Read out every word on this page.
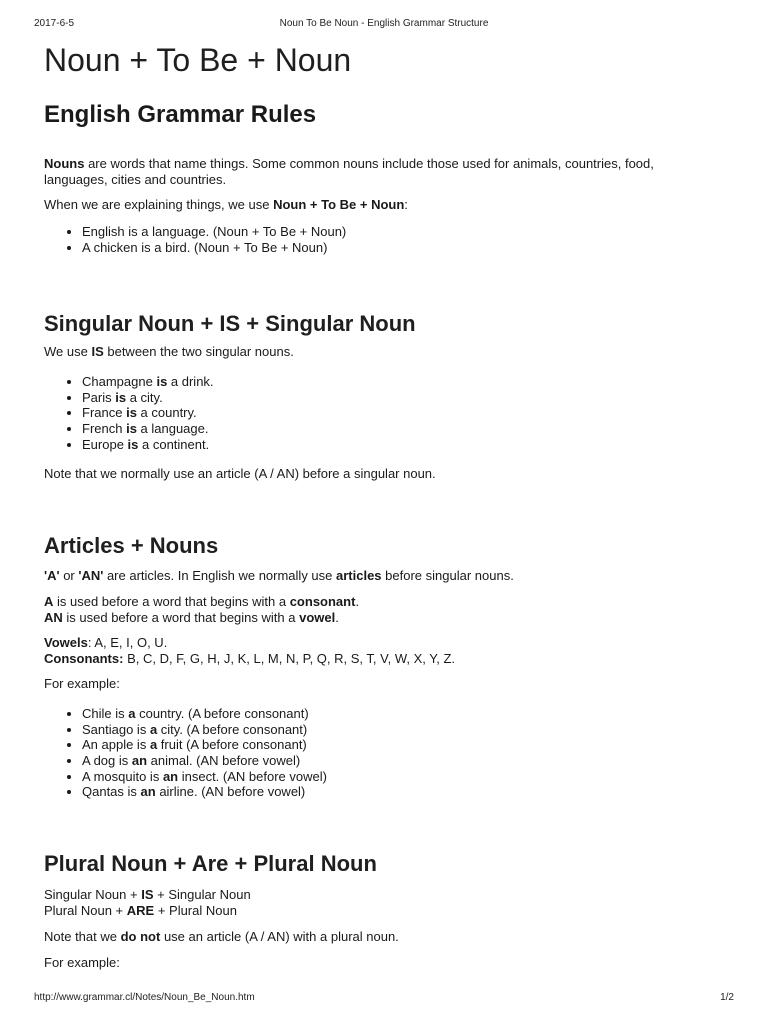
2017-6-5	Noun To Be Noun - English Grammar Structure
Noun + To Be + Noun
English Grammar Rules

Nouns are words that name things. Some common nouns include those used for animals, countries, food, languages, cities and countries.

When we are explaining things, we use Noun + To Be + Noun:

• English is a language. (Noun + To Be + Noun)
• A chicken is a bird. (Noun + To Be + Noun)
Singular Noun + IS + Singular Noun

We use IS between the two singular nouns.

• Champagne is a drink.
• Paris is a city.
• France is a country.
• French is a language.
• Europe is a continent.

Note that we normally use an article (A / AN) before a singular noun.

Articles + Nouns

'A' or 'AN' are articles. In English we normally use articles before singular nouns.

A is used before a word that begins with a consonant.
AN is used before a word that begins with a vowel.

Vowels: A, E, I, O, U.
Consonants: B, C, D, F, G, H, J, K, L, M, N, P, Q, R, S, T, V, W, X, Y, Z.

For example:

• Chile is a country. (A before consonant)
• Santiago is a city. (A before consonant)
• An apple is a fruit (A before consonant)
• A dog is an animal. (AN before vowel)
• A mosquito is an insect. (AN before vowel)
• Qantas is an airline. (AN before vowel)
Plural Noun + Are + Plural Noun

Singular Noun + IS + Singular Noun
Plural Noun + ARE + Plural Noun

Note that we do not use an article (A / AN) with a plural noun.

For example:

http://www.grammar.cl/Notes/Noun_Be_Noun.htm	1/2
